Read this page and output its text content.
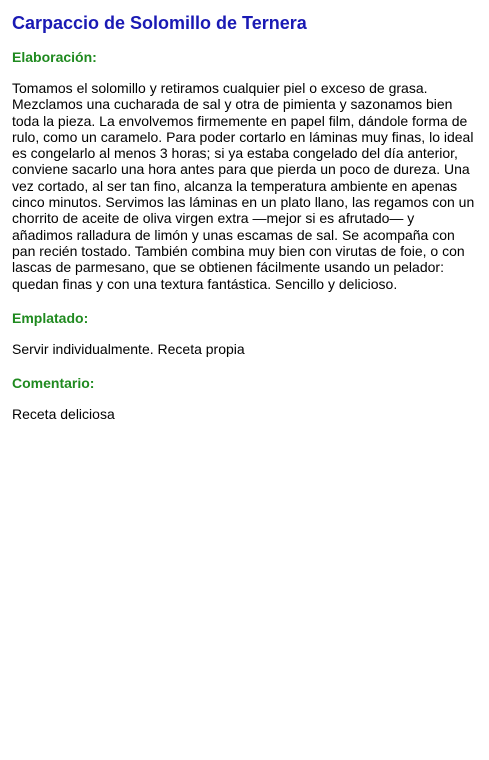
Carpaccio de Solomillo de Ternera
Elaboración:
Tomamos el solomillo y retiramos cualquier piel o exceso de grasa. Mezclamos una cucharada de sal y otra de pimienta y sazonamos bien toda la pieza. La envolvemos firmemente en papel film, dándole forma de rulo, como un caramelo. Para poder cortarlo en láminas muy finas, lo ideal es congelarlo al menos 3 horas; si ya estaba congelado del día anterior, conviene sacarlo una hora antes para que pierda un poco de dureza. Una vez cortado, al ser tan fino, alcanza la temperatura ambiente en apenas cinco minutos. Servimos las láminas en un plato llano, las regamos con un chorrito de aceite de oliva virgen extra —mejor si es afrutado— y añadimos ralladura de limón y unas escamas de sal. Se acompaña con pan recién tostado. También combina muy bien con virutas de foie, o con lascas de parmesano, que se obtienen fácilmente usando un pelador: quedan finas y con una textura fantástica. Sencillo y delicioso.
Emplatado:
Servir individualmente. Receta propia
Comentario:
Receta deliciosa
